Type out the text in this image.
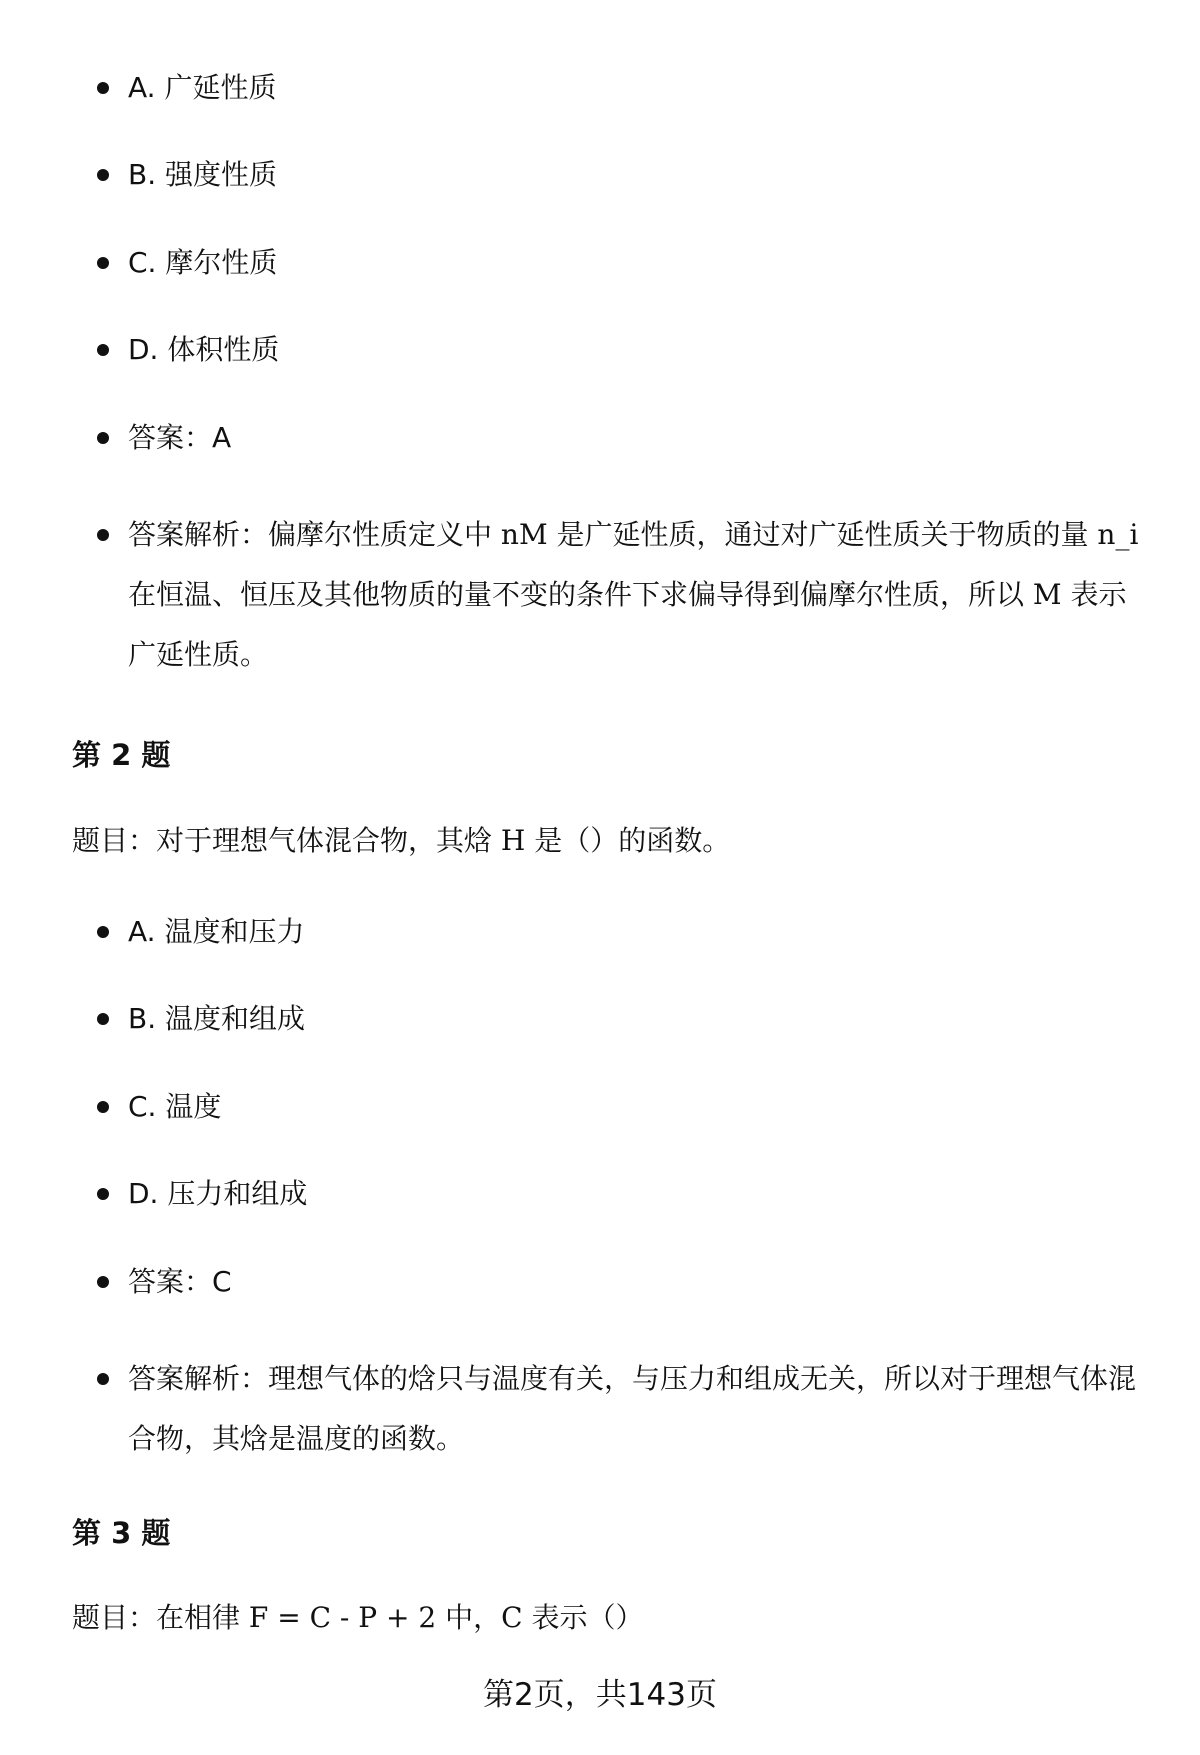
A. 广延性质
B. 强度性质
C. 摩尔性质
D. 体积性质
答案：A
答案解析：偏摩尔性质定义中 nM 是广延性质，通过对广延性质关于物质的量 n_i 在恒温、恒压及其他物质的量不变的条件下求偏导得到偏摩尔性质，所以 M 表示广延性质。
第 2 题
题目：对于理想气体混合物，其焓 H 是（）的函数。
A. 温度和压力
B. 温度和组成
C. 温度
D. 压力和组成
答案：C
答案解析：理想气体的焓只与温度有关，与压力和组成无关，所以对于理想气体混合物，其焓是温度的函数。
第 3 题
题目：在相律 F = C - P + 2 中，C 表示（）
第2页，共143页
